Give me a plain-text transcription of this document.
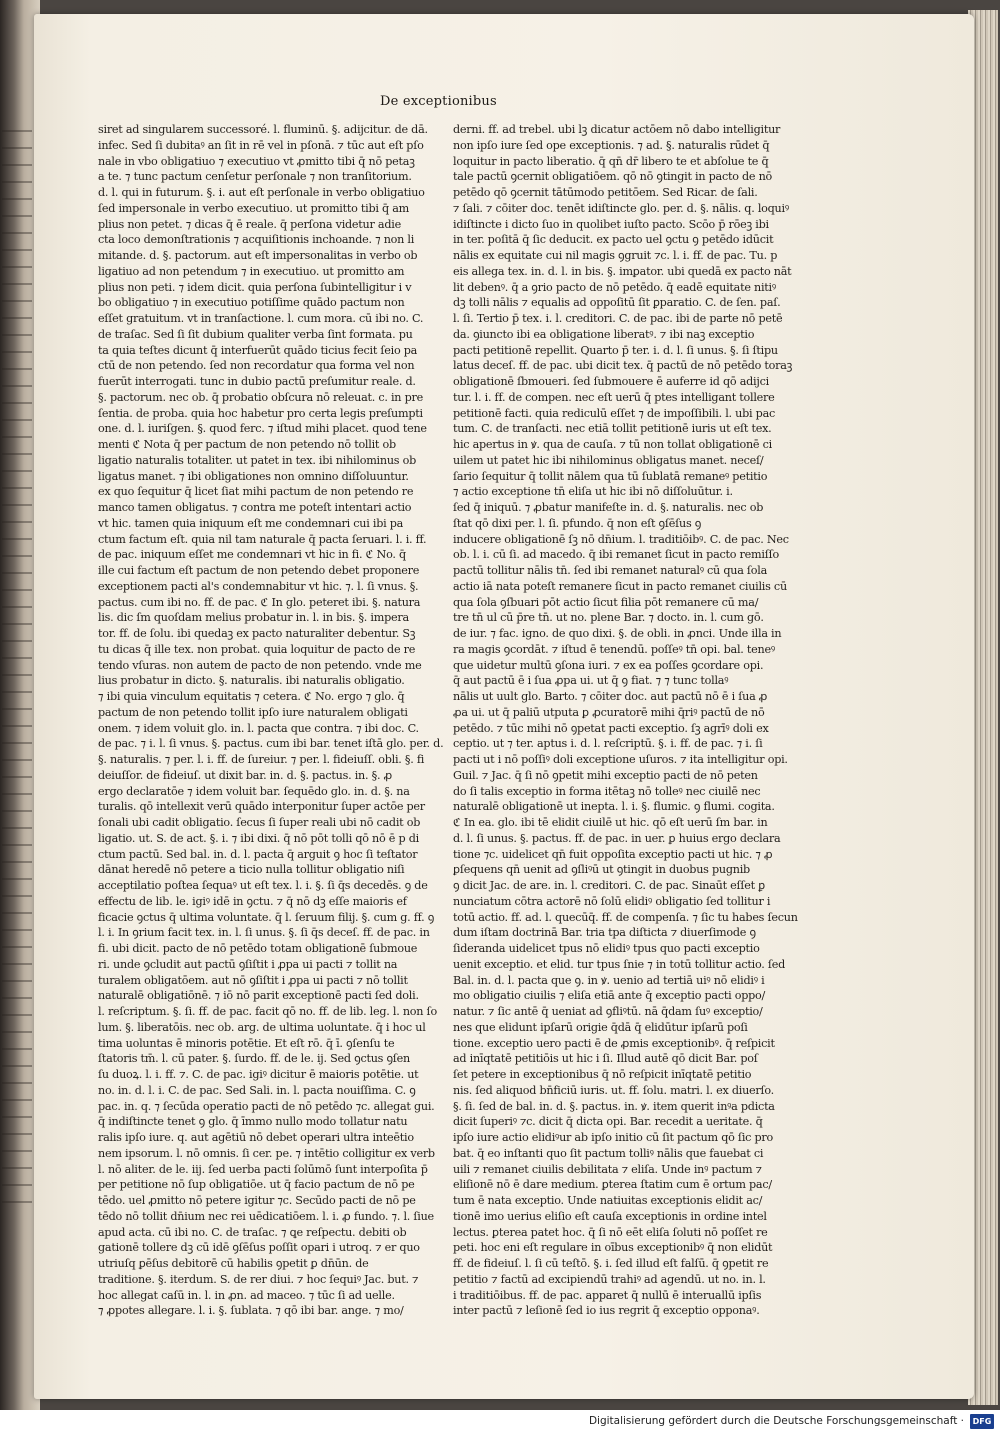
De exceptionibus

siret ad singularem successoré. l. fluminū. §. adijcitur. de dā.

infec. Sed ſi dubitaꝰ an ſit in rē vel in pſonā. ⁊ tūc aut eſt pſo

nale in vbo obligatiuo ⁊ executiuo vt ꝓmitto tibi q̄ nō petaꝫ

a te. ⁊ tunc pactum cenſetur perſonale ⁊ non tranſitorium.

d. l. qui in futurum. §. i. aut eſt perſonale in verbo obligatiuo

ſed impersonale in verbo executiuo. ut promitto tibi q̄ am

plius non petet. ⁊ dicas q̄ ē reale. q̄ perſona videtur adie

cta loco demonſtrationis ⁊ acquiſitionis inchoande. ⁊ non li

mitande. d. §. pactorum. aut eſt impersonalitas in verbo ob

ligatiuo ad non petendum ⁊ in executiuo. ut promitto am

plius non peti. ⁊ idem dicit. quia perſona ſubintelligitur i v

bo obligatiuo ⁊ in executiuo potiſſime quādo pactum non

eſſet gratuitum. vt in tranſactione. l. cum mora. cū ibi no. C.

de traſac. Sed ſi ſit dubium qualiter verba ſint formata. pu

ta quia teſtes dicunt q̄ interfuerūt quādo ticius fecit ſeio pa

ctū de non petendo. ſed non recordatur qua forma vel non

fuerūt interrogati. tunc in dubio pactū preſumitur reale. d.

§. pactorum. nec ob. q̄ probatio obſcura nō releuat. c. in pre

ſentia. de proba. quia hoc habetur pro certa legis preſumpti

one. d. l. iuriſgen. §. quod ferc. ⁊ iſtud mihi placet. quod tene

menti ℭ Nota q̄ per pactum de non petendo nō tollit ob

ligatio naturalis totaliter. ut patet in tex. ibi nihilominus ob

ligatus manet. ⁊ ibi obligationes non omnino diſſoluuntur.

ex quo ſequitur q̄ licet ſiat mihi pactum de non petendo re

manco tamen obligatus. ⁊ contra me poteſt intentari actio

vt hic. tamen quia iniquum eſt me condemnari cui ibi pa

ctum factum eſt. quia nil tam naturale q̄ pacta ſeruari. l. i. ff.

de pac. iniquum eſſet me condemnari vt hic in fi. ℭ No. q̄

ille cui factum eſt pactum de non petendo debet proponere

exceptionem pacti al's condemnabitur vt hic. ⁊. l. ſi vnus. §.

pactus. cum ibi no. ff. de pac. ℭ In glo. peteret ibi. §. natura

lis. dic ſm quoſdam melius probatur in. l. in bis. §. impera

tor. ff. de ſolu. ibi quedaꝫ ex pacto naturaliter debentur. Sꝫ

tu dicas q̄ ille tex. non probat. quia loquitur de pacto de re

tendo vſuras. non autem de pacto de non petendo. vnde me

lius probatur in dicto. §. naturalis. ibi naturalis obligatio.

⁊ ibi quia vinculum equitatis ⁊ cetera. ℭ No. ergo ⁊ glo. q̄

pactum de non petendo tollit ipſo iure naturalem obligati

onem. ⁊ idem voluit glo. in. l. pacta que contra. ⁊ ibi doc. C.

de pac. ⁊ i. l. ſi vnus. §. pactus. cum ibi bar. tenet iſtā glo. per. d.

§. naturalis. ⁊ per. l. i. ff. de ſureiur. ⁊ per. l. fideiuſſ. obli. §. fi

deiuſſor. de fideiuſ. ut dixit bar. in. d. §. pactus. in. §. ꝓ

ergo declaratōe ⁊ idem voluit bar. ſequēdo glo. in. d. §. na

turalis. qō intellexit verū quādo interponitur ſuper actōe per

ſonali ubi cadit obligatio. ſecus ſi ſuper reali ubi nō cadit ob

ligatio. ut. S. de act. §. i. ⁊ ibi dixi. q̄ nō pōt tolli qō nō ē p di

ctum pactū. Sed bal. in. d. l. pacta q̄ arguit ꝯ hoc ſi teſtator

dānat heredē nō petere a ticio nulla tollitur obligatio niſi

acceptilatio poſtea ſequaꝰ ut eſt tex. l. i. §. ſi q̄s decedēs. ꝯ de

effectu de lib. le. igiꝰ idē in ꝯctu. ⁊ q̄ nō dꝫ eſſe maioris ef

ficacie ꝯctus q̄ ultima voluntate. q̄ l. ſeruum filij. §. cum g. ff. ꝯ

l. i. In ꝯrium facit tex. in. l. ſi unus. §. ſi q̄s deceſ. ff. de pac. in

fi. ubi dicit. pacto de nō petēdo totam obligationē ſubmoue

ri. unde ꝯcludit aut pactū ꝯſiſtit i ꝓpa ui pacti ⁊ tollit na

turalem obligatōem. aut nō ꝯſiſtit i ꝓpa ui pacti ⁊ nō tollit

naturalē obligatiōnē. ⁊ iō nō parit exceptionē pacti ſed doli.

l. reſcriptum. §. ſi. ff. de pac. facit qō no. ff. de lib. leg. l. non ſo

lum. §. liberatōis. nec ob. arg. de ultima uoluntate. q̄ i hoc ul

tima uoluntas ē minoris potētie. Et eſt rō. q̄ ī. ꝯſenſu te

ſtatoris tm̄. l. cū pater. §. ſurdo. ff. de le. ij. Sed ꝯctus ꝯſen

ſu duoꝝ. l. i. ff. ⁊. C. de pac. igiꝰ dicitur ē maioris potētie. ut

no. in. d. l. i. C. de pac. Sed Sali. in. l. pacta nouiſſima. C. ꝯ

pac. in. q. ⁊ ſecūda operatio pacti de nō petēdo ⁊c. allegat gui.

q̄ indiſtincte tenet ꝯ glo. q̄ īmmo nullo modo tollatur natu

ralis ipſo iure. q. aut agētiū nō debet operari ultra inteētio

nem ipsorum. l. nō omnis. ſi cer. pe. ⁊ intētio colligitur ex verb

l. nō aliter. de le. iij. ſed uerba pacti ſolūmō ſunt interpoſita p̄

per petitione nō ſup obligatiōe. ut q̄ facio pactum de nō pe

tēdo. uel ꝓmitto nō petere igitur ⁊c. Secūdo pacti de nō pe

tēdo nō tollit dn̄ium nec rei uēdicatiōem. l. i. ꝓ fundo. ⁊. l. ſiue

apud acta. cū ibi no. C. de traſac. ⁊ ꝗe reſpectu. debiti ob

gationē tollere dꝫ cū idē ꝯſēſus poſſit opari i utroq. ⁊ er quo

utriuſq ꝑēſus debitorē cū habilis ꝯpetit ꝑ dn̄ūn. de

traditione. §. iterdum. S. de rer diui. ⁊ hoc ſequiꝰ Jac. but. ⁊

hoc allegat caſū in. l. in ꝓn. ad maceo. ⁊ tūc ſi ad uelle.

⁊ ꝓpotes allegare. l. i. §. ſublata. ⁊ qō ibi bar. ange. ⁊ mo/

derni. ff. ad trebel. ubi lꝫ dicatur actōem nō dabo intelligitur

non ipſo iure ſed ope exceptionis. ⁊ ad. §. naturalis rūdet q̄

loquitur in pacto liberatio. q̄ qn̄ dr̄ libero te et abſolue te q̄

tale pactū ꝯcernit obligatiōem. qō nō ꝯtingit in pacto de nō

petēdo qō ꝯcernit tātūmodo petitōem. Sed Ricar. de ſali.

⁊ ſali. ⁊ cōiter doc. tenēt idiſtincte glo. per. d. §. nālis. q. loquiꝰ

idiſtincte i dicto ſuo in quolibet iuſto pacto. Scōo p̄ rōeꝫ ibi

in ter. poſitā q̄ ſic deducit. ex pacto uel ꝯctu ꝯ petēdo idūcit

nālis ex equitate cui nil magis ꝯgruit ⁊c. l. i. ff. de pac. Tu. p

eis allega tex. in. d. l. in bis. §. imꝑator. ubi quedā ex pacto nāt

lit debenꝰ. q̄ a ꝯrio pacto de nō petēdo. q̄ eadē equitate nitiꝰ

dꝫ tolli nālis ⁊ equalis ad oppoſitū ſit ꝑparatio. C. de ſen. paſ.

l. ſi. Tertio p̄ tex. i. l. creditori. C. de pac. ibi de parte nō petē

da. ꝯiuncto ibi ea obligatione liberatꝰ. ⁊ ibi naꝫ exceptio

pacti petitionē repellit. Quarto p̄ ter. i. d. l. ſi unus. §. ſi ſtipu

latus deceſ. ff. de pac. ubi dicit tex. q̄ pactū de nō petēdo toraꝫ

obligationē ſbmoueri. ſed ſubmouere ē auferre id qō adijci

tur. l. i. ff. de compen. nec eſt uerū q̄ ptes intelligant tollere

petitionē facti. quia rediculū eſſet ⁊ de impoſſibili. l. ubi pac

tum. C. de tranſacti. nec etiā tollit petitionē iuris ut eſt tex.

hic apertus in ꝟ. qua de cauſa. ⁊ tū non tollat obligationē ci

uilem ut patet hic ibi nihilominus obligatus manet. neceſ/

ſario ſequitur q̄ tollit nālem qua tū ſublatā remaneꝰ petitio

⁊ actio exceptione tn̄ eliſa ut hic ibi nō diſſoluūtur. i.

ſed q̄ iniquū. ⁊ ꝓbatur manifeſte in. d. §. naturalis. nec ob

ſtat qō dixi per. l. ſi. pfundo. q̄ non eſt ꝯſēſus ꝯ

inducere obligationē ſꝫ nō dn̄ium. l. traditiōibꝰ. C. de pac. Nec

ob. l. i. cū ſi. ad macedo. q̄ ibi remanet ſicut in pacto remiſſo

pactū tollitur nālis tn̄. ſed ibi remanet naturalꝰ cū qua ſola

actio iā nata poteſt remanere ſicut in pacto remanet ciuilis cū

qua ſola ꝯſbuari pōt actio ſicut filia pōt remanere cū ma/

tre tn̄ ul cū p̄re tn̄. ut no. plene Bar. ⁊ docto. in. l. cum gō.

de iur. ⁊ fac. igno. de quo dixi. §. de obli. in ꝓnci. Unde illa in

ra magis ꝯcordāt. ⁊ iſtud ē tenendū. poſſeꝰ tn̄ opi. bal. teneꝰ

que uidetur multū ꝯſona iuri. ⁊ ex ea poſſes ꝯcordare opi.

q̄ aut pactū ē i ſua ꝓpa ui. ut q̄ ꝯ fiat. ⁊ ⁊ tunc tollaꝰ

nālis ut uult glo. Barto. ⁊ cōiter doc. aut pactū nō ē i ſua ꝓ

ꝓa ui. ut q̄ paliū utputa ꝑ ꝓcuratorē mihi q̄riꝰ pactū de nō

petēdo. ⁊ tūc mihi nō ꝯpetat pacti exceptio. ſꝫ agrīꝰ doli ex

ceptio. ut ⁊ ter. aptus i. d. l. reſcriptū. §. i. ff. de pac. ⁊ i. ſi

pacti ut i nō poſſiꝰ doli exceptione uſuros. ⁊ ita intelligitur opi.

Guil. ⁊ Jac. q̄ ſi nō ꝯpetit mihi exceptio pacti de nō peten

do ſi talis exceptio in forma itētaꝫ nō tolleꝰ nec ciuilē nec

naturalē obligationē ut inepta. l. i. §. flumic. ꝯ flumi. cogita.

ℭ In ea. glo. ibi tē elidit ciuilē ut hic. qō eſt uerū ſm bar. in

d. l. ſi unus. §. pactus. ff. de pac. in uer. ꝑ huius ergo declara

tione ⁊c. uidelicet qn̄ fuit oppoſita exceptio pacti ut hic. ⁊ ꝓ

ꝑſequens qn̄ uenit ad ꝯſliꝰū ut ꝯtingit in duobus pugnib

ꝯ dicit Jac. de are. in. l. creditori. C. de pac. Sinaūt eſſet ꝑ

nunciatum cōtra actorē nō ſolū elidiꝰ obligatio ſed tollitur i

totū actio. ff. ad. l. quecūq̄. ff. de compenſa. ⁊ ſic tu habes ſecun

dum iſtam doctrinā Bar. tria tpa diſticta ⁊ diuerſimode ꝯ

ſideranda uidelicet tpus nō elidiꝰ tpus quo pacti exceptio

uenit exceptio. et elid. tur tpus ſnie ⁊ in totū tollitur actio. ſed

Bal. in. d. l. pacta que ꝯ. in ꝟ. uenio ad tertiā uiꝰ nō elidiꝰ i

mo obligatio ciuilis ⁊ eliſa etiā ante q̄ exceptio pacti oppo/

natur. ⁊ ſic antē q̄ ueniat ad ꝯfliꝰtū. nā q̄dam ſuꝰ exceptio/

nes que elidunt ipſarū origie q̄dā q̄ elidūtur ipſarū poſi

tione. exceptio uero pacti ē de ꝓmis exceptionibꝰ. q̄ reſpicit

ad inīqtatē petitiōis ut hic i ſi. Illud autē qō dicit Bar. poſ

ſet petere in exceptionibus q̄ nō reſpicit inīqtatē petitio

nis. ſed aliquod bn̄ficiū iuris. ut. ff. ſolu. matri. l. ex diuerſo.

§. ſi. ſed de bal. in. d. §. pactus. in. ꝟ. item querit inꝰa pdicta

dicit ſuperiꝰ ⁊c. dicit q̄ dicta opi. Bar. recedit a ueritate. q̄

ipſo iure actio elidiꝰur ab ipſo initio cū ſit pactum qō ſic pro

bat. q̄ eo inſtanti quo ſit pactum tolliꝰ nālis que fauebat ci

uili ⁊ remanet ciuilis debilitata ⁊ eliſa. Unde inꝰ pactum ⁊

eliſionē nō ē dare medium. ꝑterea ſtatim cum ē ortum pac/

tum ē nata exceptio. Unde natiuitas exceptionis elidit ac/

tionē imo uerius eliſio eſt cauſa exceptionis in ordine intel

lectus. ꝑterea patet hoc. q̄ ſi nō eēt eliſa ſoluti nō poſſet re

peti. hoc eni eſt regulare in oībus exceptionibꝰ q̄ non elidūt

ff. de fideiuſ. l. ſi cū teſtō. §. i. ſed illud eſt falſū. q̄ ꝯpetit re

petitio ⁊ factū ad excipiendū trahiꝰ ad agendū. ut no. in. l.

i traditiōibus. ff. de pac. apparet q̄ nullū ē interuallū ipſis

inter pactū ⁊ leſionē ſed io ius regrit q̄ exceptio opponaꝰ.

Digitalisierung gefördert durch die Deutsche Forschungsgemeinschaft ·	DFG
